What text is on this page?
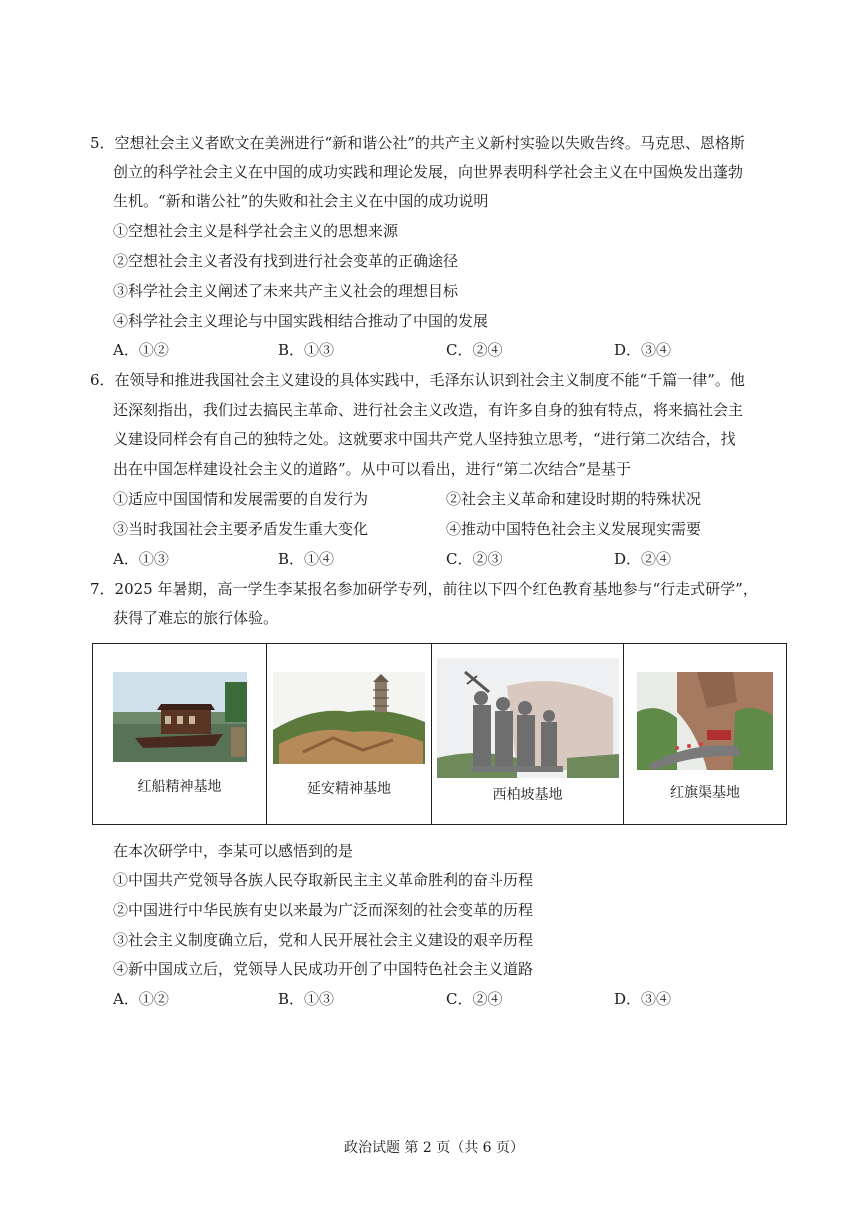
5．空想社会主义者欧文在美洲进行“新和谐公社”的共产主义新村实验以失败告终。马克思、恩格斯
创立的科学社会主义在中国的成功实践和理论发展，向世界表明科学社会主义在中国焕发出蓬勃
生机。“新和谐公社”的失败和社会主义在中国的成功说明
①空想社会主义是科学社会主义的思想来源
②空想社会主义者没有找到进行社会变革的正确途径
③科学社会主义阐述了未来共产主义社会的理想目标
④科学社会主义理论与中国实践相结合推动了中国的发展
A．①②	B．①③	C．②④	D．③④
6．在领导和推进我国社会主义建设的具体实践中，毛泽东认识到社会主义制度不能“千篇一律”。他
还深刻指出，我们过去搞民主革命、进行社会主义改造，有许多自身的独有特点，将来搞社会主
义建设同样会有自己的独特之处。这就要求中国共产党人坚持独立思考，“进行第二次结合，找
出在中国怎样建设社会主义的道路”。从中可以看出，进行“第二次结合”是基于
①适应中国国情和发展需要的自发行为	②社会主义革命和建设时期的特殊状况
③当时我国社会主要矛盾发生重大变化	④推动中国特色社会主义发展现实需要
A．①③	B．①④	C．②③	D．②④
7．2025 年暑期，高一学生李某报名参加研学专列，前往以下四个红色教育基地参与“行走式研学”，
获得了难忘的旅行体验。
红船精神基地	延安精神基地	西柏坡基地	红旗渠基地
在本次研学中，李某可以感悟到的是
①中国共产党领导各族人民夺取新民主主义革命胜利的奋斗历程
②中国进行中华民族有史以来最为广泛而深刻的社会变革的历程
③社会主义制度确立后，党和人民开展社会主义建设的艰辛历程
④新中国成立后，党领导人民成功开创了中国特色社会主义道路
A．①②	B．①③	C．②④	D．③④
政治试题 第 2 页（共 6 页）
